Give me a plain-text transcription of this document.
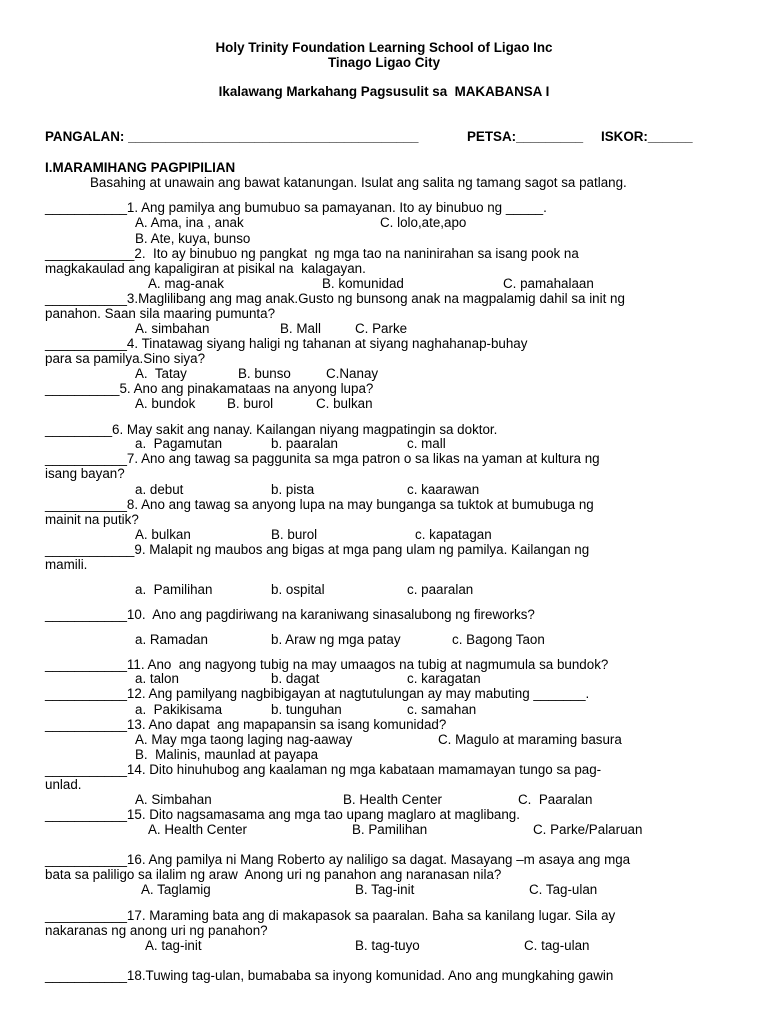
Holy Trinity Foundation Learning School of Ligao Inc
Tinago Ligao City
Ikalawang Markahang Pagsusulit sa  MAKABANSA I
PANGALAN: _______________________________________	PETSA:_________ ISKOR:______
I.MARAMIHANG PAGPIPILIAN
Basahing at unawain ang bawat katanungan. Isulat ang salita ng tamang sagot sa patlang.
___________1. Ang pamilya ang bumubuo sa pamayanan. Ito ay binubuo ng _____.
A. Ama, ina , anak	C. lolo,ate,apo
B. Ate, kuya, bunso
____________2.  Ito ay binubuo ng pangkat  ng mga tao na naninirahan sa isang pook na
magkakaulad ang kapaligiran at pisikal na  kalagayan.
A. mag-anak	B. komunidad	C. pamahalaan
___________3.Maglilibang ang mag anak.Gusto ng bunsong anak na magpalamig dahil sa init ng
panahon. Saan sila maaring pumunta?
A. simbahan	B. Mall	C. Parke
___________4. Tinatawag siyang haligi ng tahanan at siyang naghahanap-buhay
para sa pamilya.Sino siya?
A.  Tatay	B. bunso	C.Nanay
__________5. Ano ang pinakamataas na anyong lupa?
A. bundok B. burol	C. bulkan
_________6. May sakit ang nanay. Kailangan niyang magpatingin sa doktor.
a.  Pagamutan	b. paaralan	c. mall
___________7. Ano ang tawag sa paggunita sa mga patron o sa likas na yaman at kultura ng
isang bayan?
a. debut	b. pista	c. kaarawan
___________8. Ano ang tawag sa anyong lupa na may bunganga sa tuktok at bumubuga ng
mainit na putik?
A. bulkan	B. burol	c. kapatagan
____________9. Malapit ng maubos ang bigas at mga pang ulam ng pamilya. Kailangan ng
mamili.
a.  Pamilihan	b. ospital	c. paaralan
___________10.  Ano ang pagdiriwang na karaniwang sinasalubong ng fireworks?
a. Ramadan	b. Araw ng mga patay	c. Bagong Taon
___________11. Ano  ang nagyong tubig na may umaagos na tubig at nagmumula sa bundok?
a. talon	b. dagat	c. karagatan
___________12. Ang pamilyang nagbibigayan at nagtutulungan ay may mabuting _______.
a.  Pakikisama	b. tunguhan	c. samahan
___________13. Ano dapat  ang mapapansin sa isang komunidad?
A. May mga taong laging nag-aaway	C. Magulo at maraming basura
B.  Malinis, maunlad at payapa
___________14. Dito hinuhubog ang kaalaman ng mga kabataan mamamayan tungo sa pag-
unlad.
A. Simbahan	B. Health Center	C.  Paaralan
___________15. Dito nagsamasama ang mga tao upang maglaro at maglibang.
A. Health Center	B. Pamilihan	C. Parke/Palaruan
___________16. Ang pamilya ni Mang Roberto ay naliligo sa dagat. Masayang –m asaya ang mga
bata sa paliligo sa ilalim ng araw  Anong uri ng panahon ang naranasan nila?
A. Taglamig	B. Tag-init	C. Tag-ulan
___________17. Maraming bata ang di makapasok sa paaralan. Baha sa kanilang lugar. Sila ay
nakaranas ng anong uri ng panahon?
A. tag-init	B. tag-tuyo	C. tag-ulan
___________18.Tuwing tag-ulan, bumababa sa inyong komunidad. Ano ang mungkahing gawin
